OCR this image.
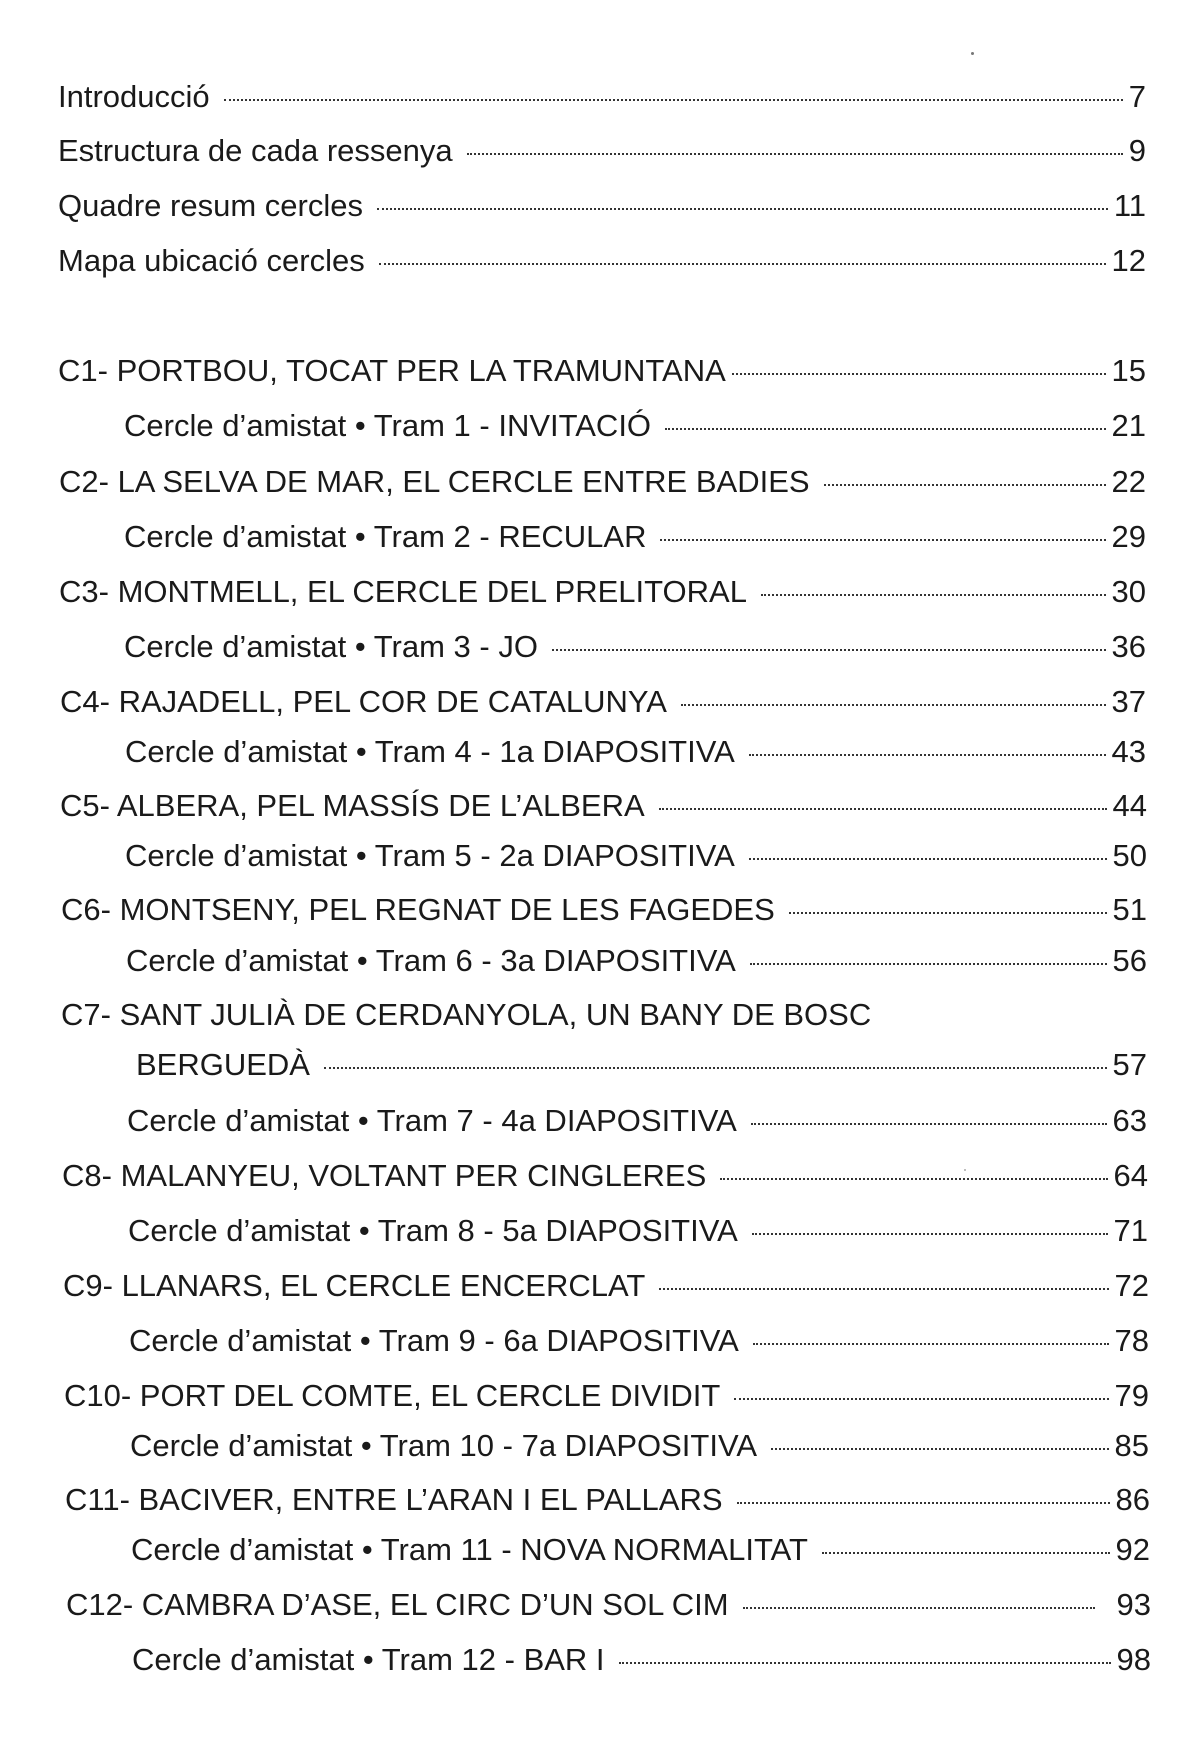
Introducció	7
Estructura de cada ressenya	9
Quadre resum cercles	11
Mapa ubicació cercles	12
C1- PORTBOU, TOCAT PER LA TRAMUNTANA	15
Cercle d’amistat • Tram 1 - INVITACIÓ	21
C2- LA SELVA DE MAR, EL CERCLE ENTRE BADIES	22
Cercle d’amistat • Tram 2 - RECULAR	29
C3- MONTMELL, EL CERCLE DEL PRELITORAL	30
Cercle d’amistat • Tram 3 - JO	36
C4- RAJADELL, PEL COR DE CATALUNYA	37
Cercle d’amistat • Tram 4 - 1a DIAPOSITIVA	43
C5- ALBERA, PEL MASSÍS DE L’ALBERA	44
Cercle d’amistat • Tram 5 - 2a DIAPOSITIVA	50
C6- MONTSENY, PEL REGNAT DE LES FAGEDES	51
Cercle d’amistat • Tram 6 - 3a DIAPOSITIVA	56
C7- SANT JULIÀ DE CERDANYOLA, UN BANY DE BOSC
BERGUEDÀ	57
Cercle d’amistat • Tram 7 - 4a DIAPOSITIVA	63
C8- MALANYEU, VOLTANT PER CINGLERES	64
Cercle d’amistat • Tram 8 - 5a DIAPOSITIVA	71
C9- LLANARS, EL CERCLE ENCERCLAT	72
Cercle d’amistat • Tram 9 - 6a DIAPOSITIVA	78
C10- PORT DEL COMTE, EL CERCLE DIVIDIT	79
Cercle d’amistat • Tram 10 - 7a DIAPOSITIVA	85
C11- BACIVER, ENTRE L’ARAN I EL PALLARS	86
Cercle d’amistat • Tram 11 - NOVA NORMALITAT	92
C12- CAMBRA D’ASE, EL CIRC D’UN SOL CIM	93
Cercle d’amistat • Tram 12 - BAR I	98
